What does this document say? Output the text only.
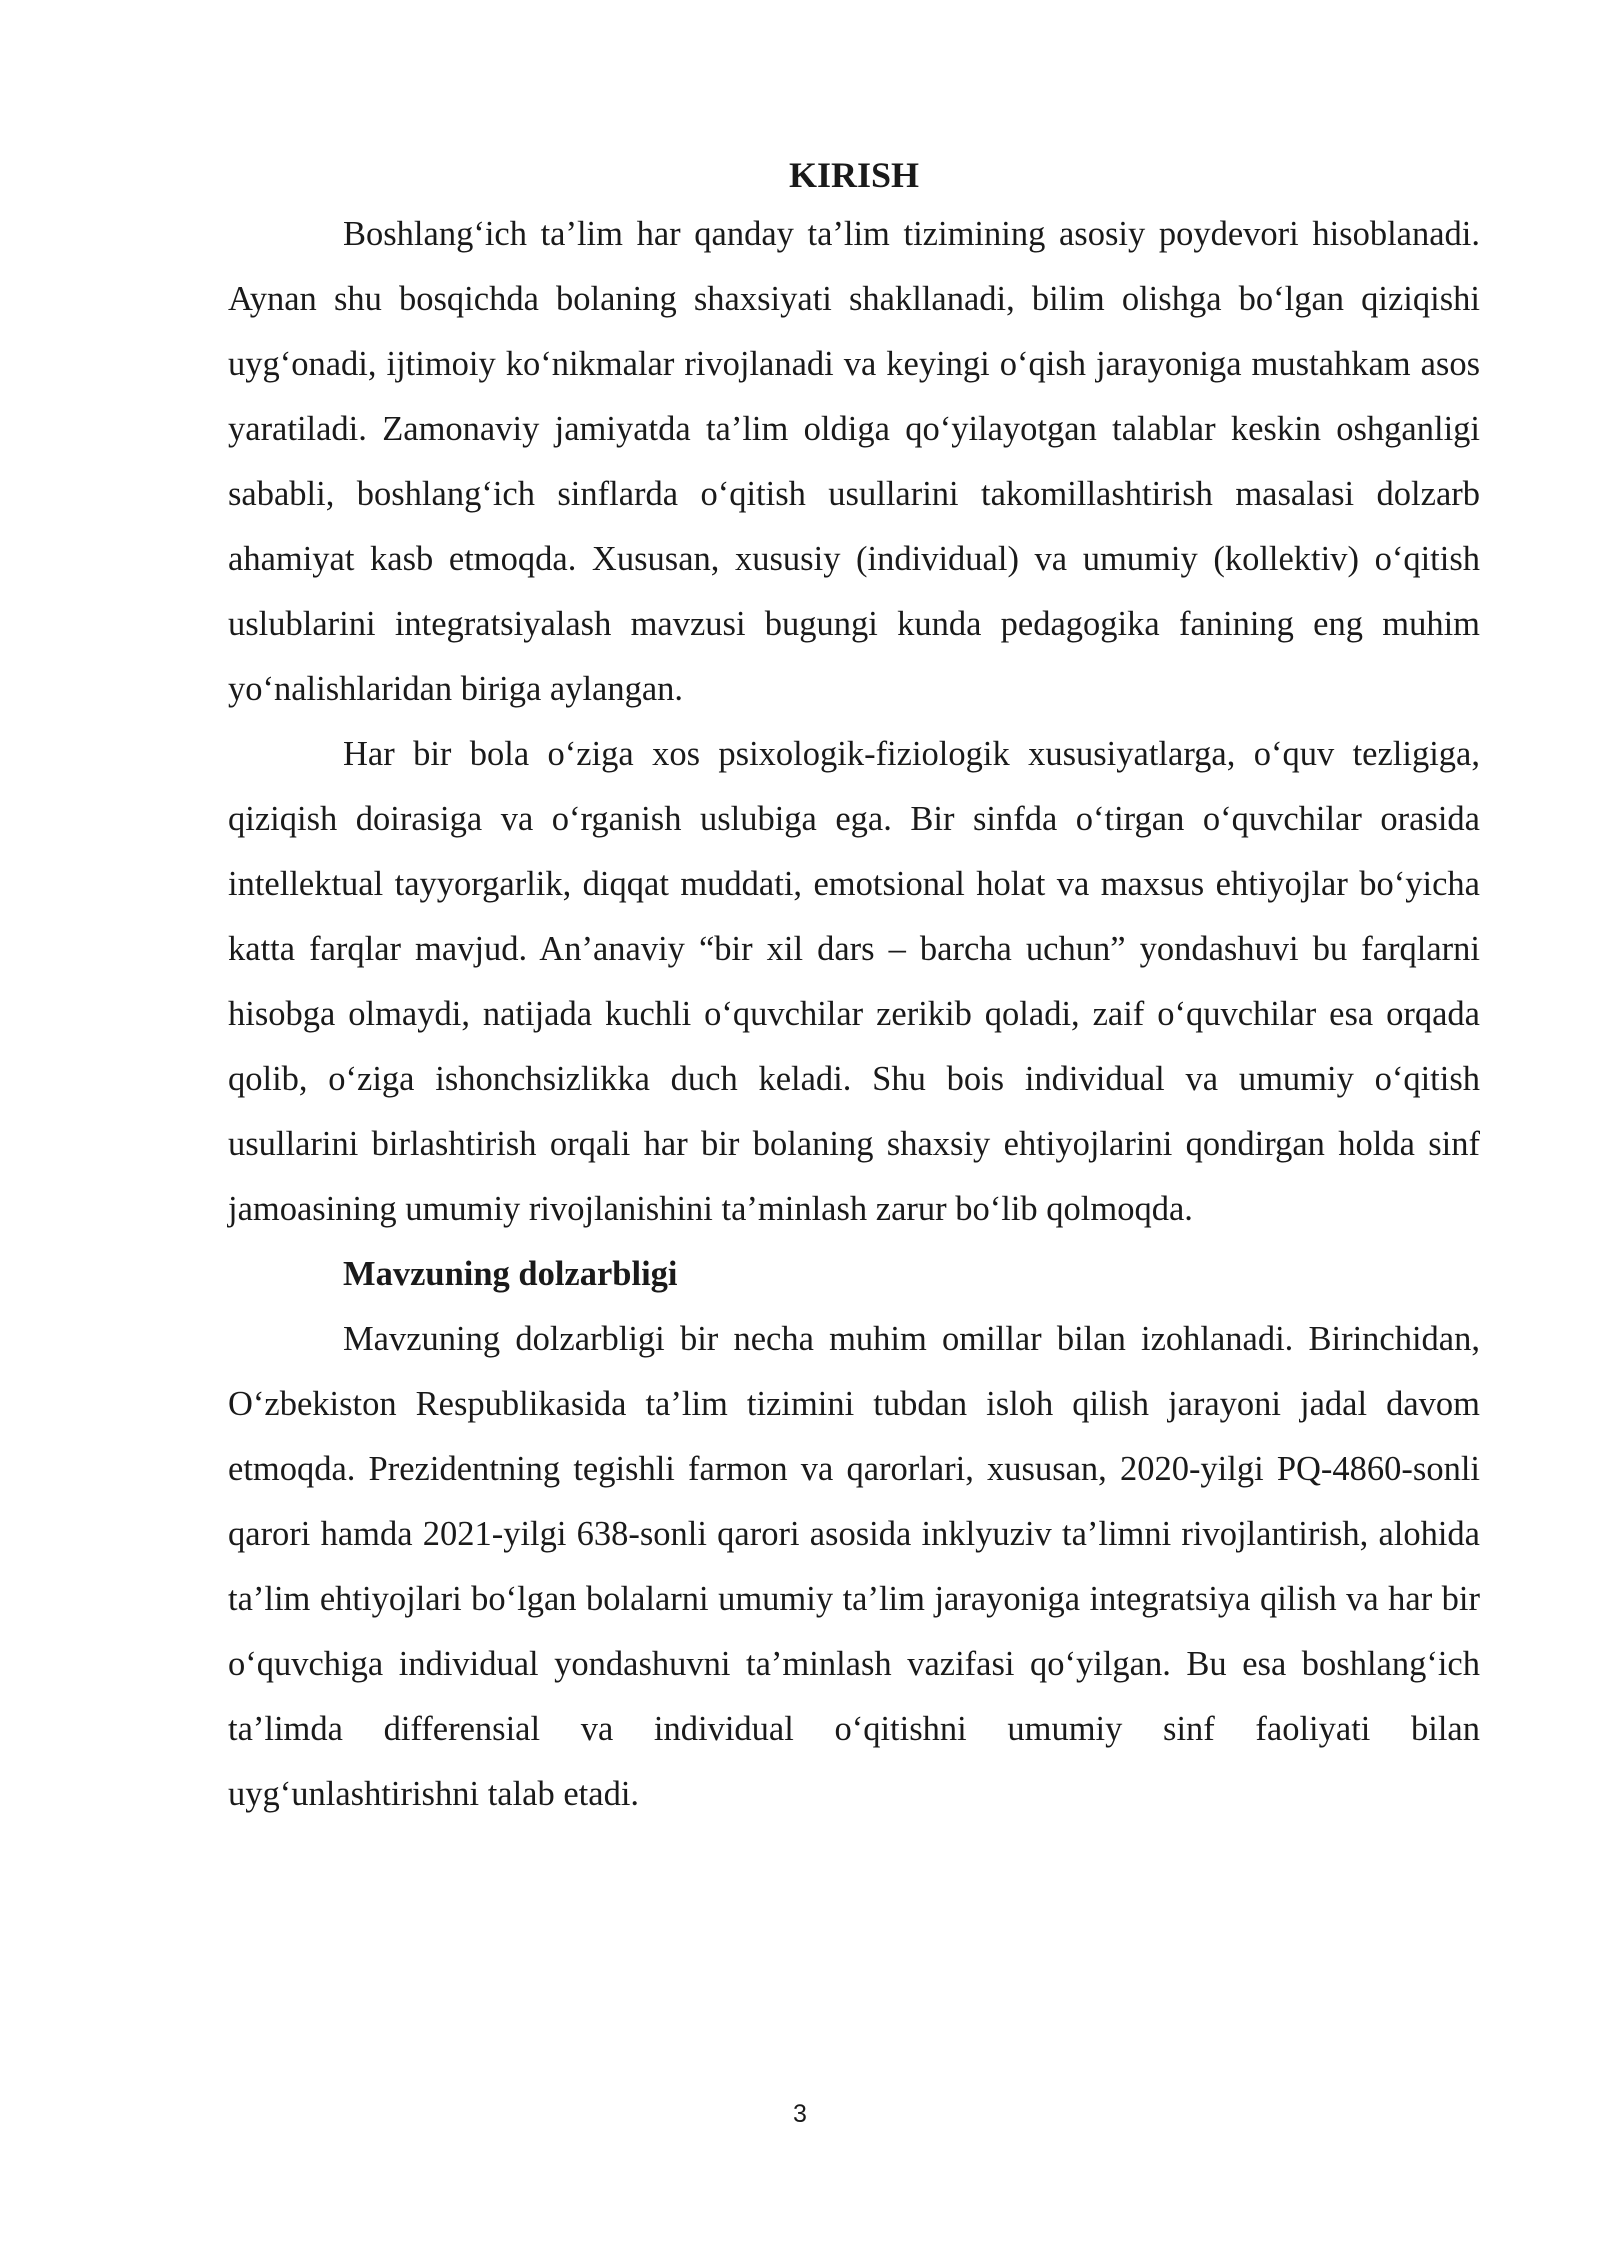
KIRISH

Boshlang‘ich ta’lim har qanday ta’lim tizimining asosiy poydevori hisoblanadi. Aynan shu bosqichda bolaning shaxsiyati shakllanadi, bilim olishga bo‘lgan qiziqishi uyg‘onadi, ijtimoiy ko‘nikmalar rivojlanadi va keyingi o‘qish jarayoniga mustahkam asos yaratiladi. Zamonaviy jamiyatda ta’lim oldiga qo‘yilayotgan talablar keskin oshganligi sababli, boshlang‘ich sinflarda o‘qitish usullarini takomillashtirish masalasi dolzarb ahamiyat kasb etmoqda. Xususan, xususiy (individual) va umumiy (kollektiv) o‘qitish uslublarini integratsiyalash mavzusi bugungi kunda pedagogika fanining eng muhim yo‘nalishlaridan biriga aylangan.

Har bir bola o‘ziga xos psixologik-fiziologik xususiyatlarga, o‘quv tezligiga, qiziqish doirasiga va o‘rganish uslubiga ega. Bir sinfda o‘tirgan o‘quvchilar orasida intellektual tayyorgarlik, diqqat muddati, emotsional holat va maxsus ehtiyojlar bo‘yicha katta farqlar mavjud. An’anaviy “bir xil dars – barcha uchun” yondashuvi bu farqlarni hisobga olmaydi, natijada kuchli o‘quvchilar zerikib qoladi, zaif o‘quvchilar esa orqada qolib, o‘ziga ishonchsizlikka duch keladi. Shu bois individual va umumiy o‘qitish usullarini birlashtirish orqali har bir bolaning shaxsiy ehtiyojlarini qondirgan holda sinf jamoasining umumiy rivojlanishini ta’minlash zarur bo‘lib qolmoqda.

Mavzuning dolzarbligi

Mavzuning dolzarbligi bir necha muhim omillar bilan izohlanadi. Birinchidan, O‘zbekiston Respublikasida ta’lim tizimini tubdan isloh qilish jarayoni jadal davom etmoqda. Prezidentning tegishli farmon va qarorlari, xususan, 2020-yilgi PQ-4860-sonli qarori hamda 2021-yilgi 638-sonli qarori asosida inklyuziv ta’limni rivojlantirish, alohida ta’lim ehtiyojlari bo‘lgan bolalarni umumiy ta’lim jarayoniga integratsiya qilish va har bir o‘quvchiga individual yondashuvni ta’minlash vazifasi qo‘yilgan. Bu esa boshlang‘ich ta’limda differensial va individual o‘qitishni umumiy sinf faoliyati bilan uyg‘unlashtirishni talab etadi.

3
